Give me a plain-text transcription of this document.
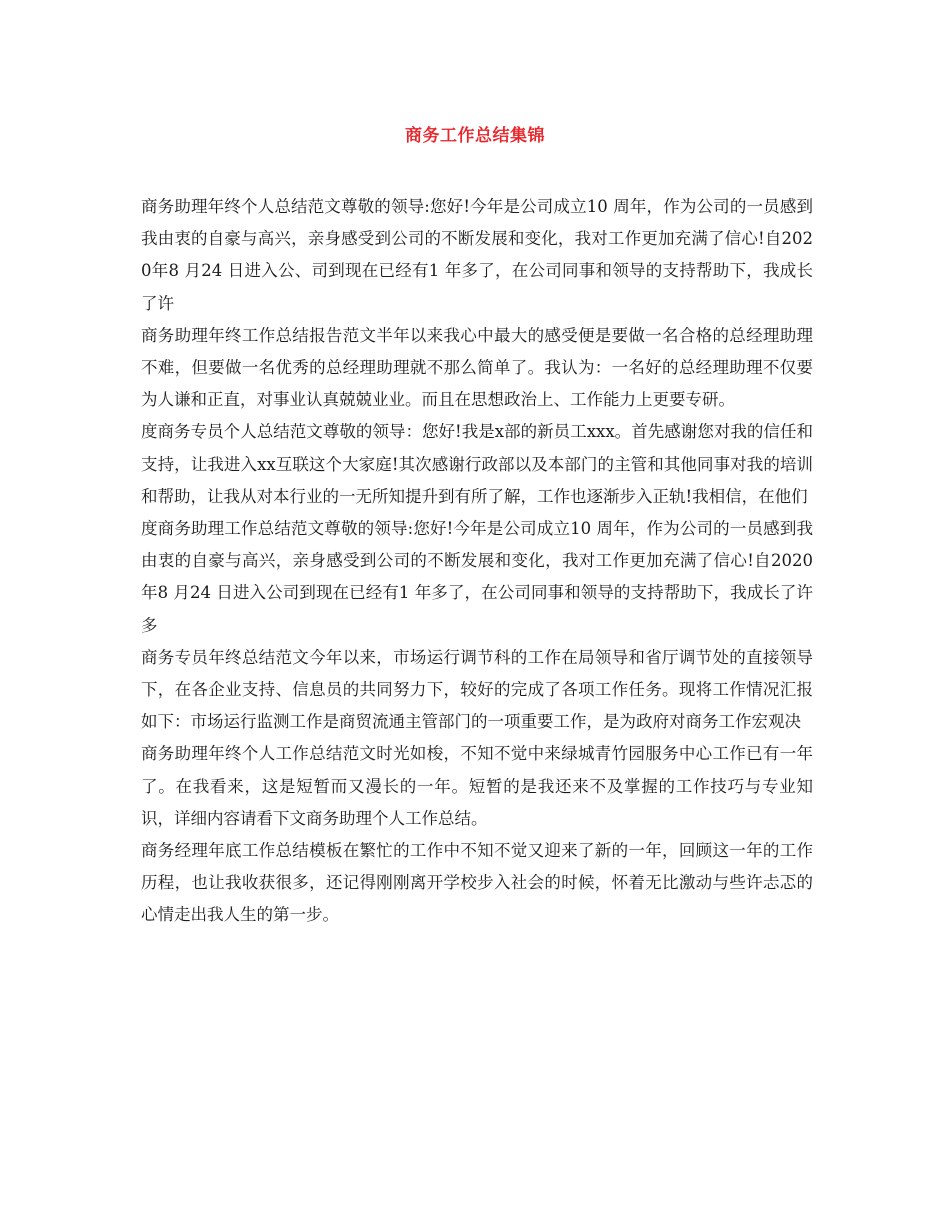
商务工作总结集锦

商务助理年终个人总结范文尊敬的领导:您好!今年是公司成立10 周年，作为公司的一员感到我由衷的自豪与高兴，亲身感受到公司的不断发展和变化，我对工作更加充满了信心!自2020年8 月24 日进入公、司到现在已经有1 年多了，在公司同事和领导的支持帮助下，我成长了许

商务助理年终工作总结报告范文半年以来我心中最大的感受便是要做一名合格的总经理助理不难，但要做一名优秀的总经理助理就不那么简单了。我认为：一名好的总经理助理不仅要为人谦和正直，对事业认真兢兢业业。而且在思想政治上、工作能力上更要专研。

度商务专员个人总结范文尊敬的领导：您好!我是x部的新员工xxx。首先感谢您对我的信任和支持，让我进入xx互联这个大家庭!其次感谢行政部以及本部门的主管和其他同事对我的培训和帮助，让我从对本行业的一无所知提升到有所了解，工作也逐渐步入正轨!我相信，在他们

度商务助理工作总结范文尊敬的领导:您好!今年是公司成立10 周年，作为公司的一员感到我由衷的自豪与高兴，亲身感受到公司的不断发展和变化，我对工作更加充满了信心!自2020年8 月24 日进入公司到现在已经有1 年多了，在公司同事和领导的支持帮助下，我成长了许多

商务专员年终总结范文今年以来，市场运行调节科的工作在局领导和省厅调节处的直接领导下，在各企业支持、信息员的共同努力下，较好的完成了各项工作任务。现将工作情况汇报如下：市场运行监测工作是商贸流通主管部门的一项重要工作，是为政府对商务工作宏观决

商务助理年终个人工作总结范文时光如梭，不知不觉中来绿城青竹园服务中心工作已有一年了。在我看来，这是短暂而又漫长的一年。短暂的是我还来不及掌握的工作技巧与专业知识，详细内容请看下文商务助理个人工作总结。

商务经理年底工作总结模板在繁忙的工作中不知不觉又迎来了新的一年，回顾这一年的工作历程，也让我收获很多，还记得刚刚离开学校步入社会的时候，怀着无比激动与些许忐忑的心情走出我人生的第一步。
